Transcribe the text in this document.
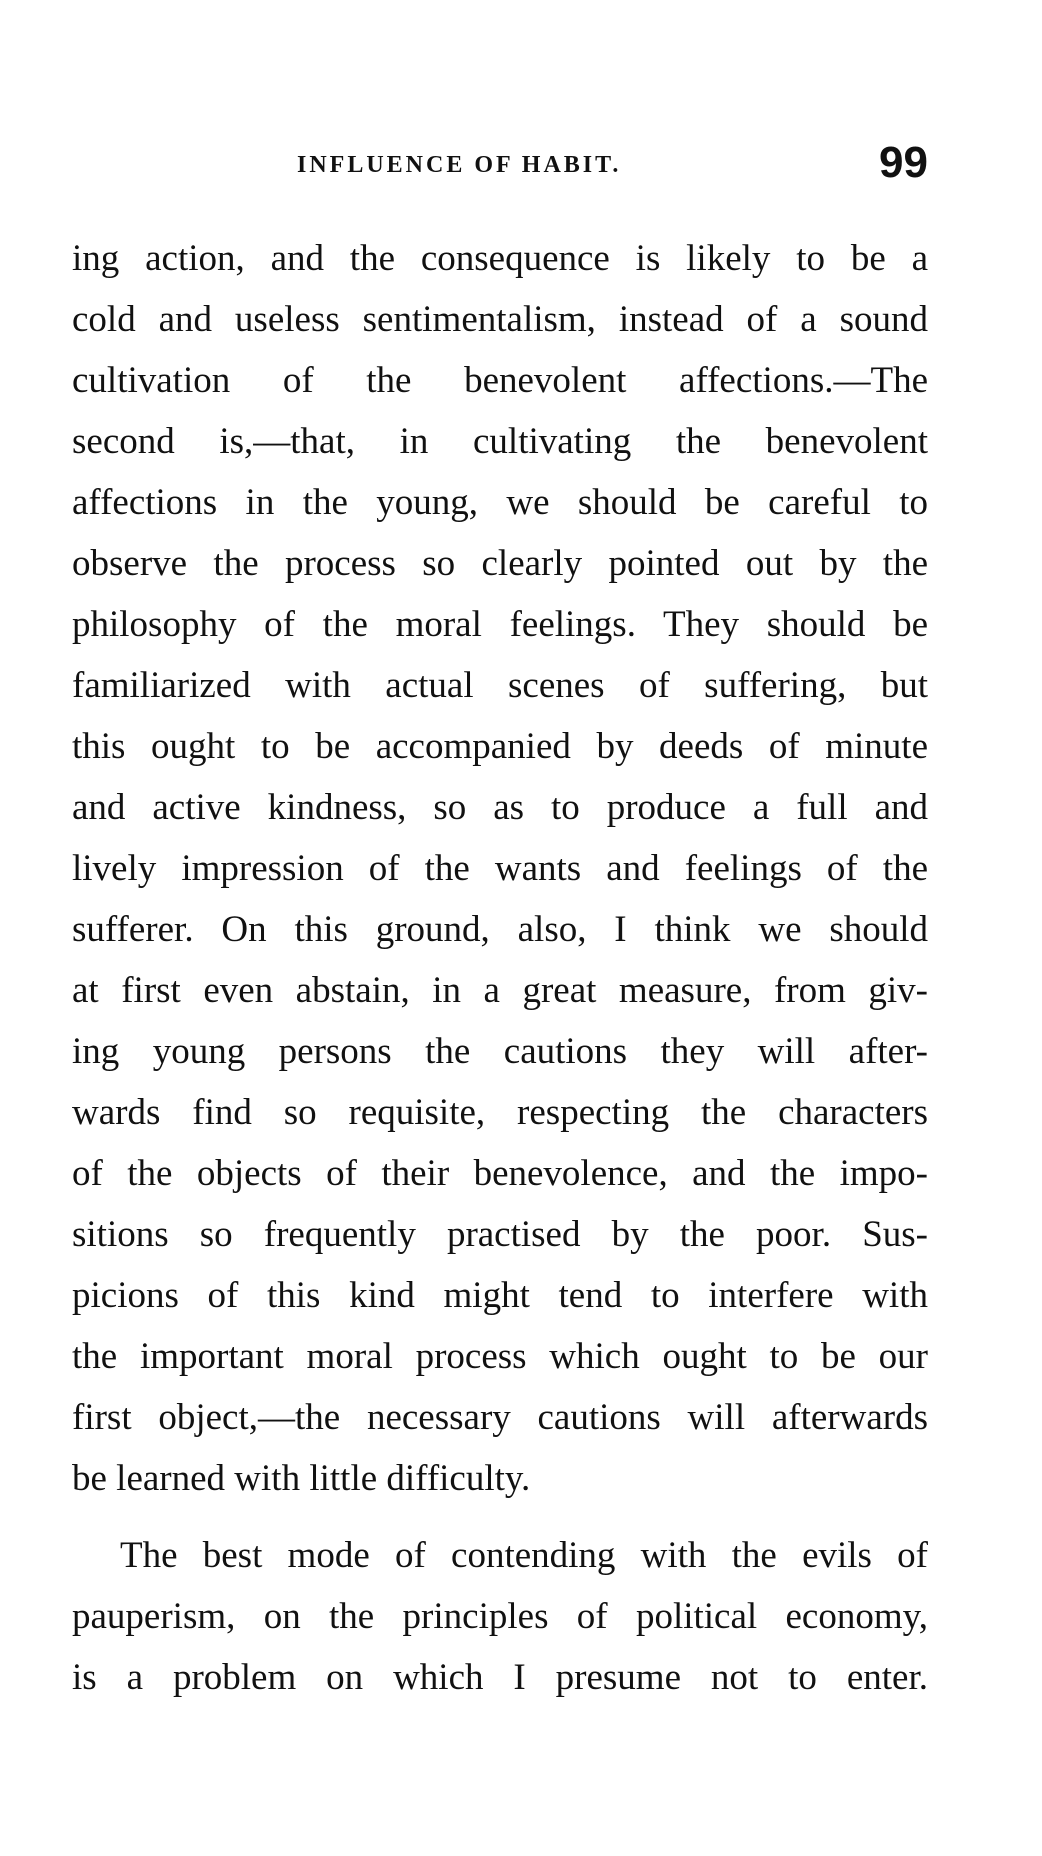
INFLUENCE OF HABIT.	99
ing action, and the consequence is likely to be a
cold and useless sentimentalism, instead of a sound
cultivation of the benevolent affections.—The
second is,—that, in cultivating the benevolent
affections in the young, we should be careful to
observe the process so clearly pointed out by the
philosophy of the moral feelings. They should be
familiarized with actual scenes of suffering, but
this ought to be accompanied by deeds of minute
and active kindness, so as to produce a full and
lively impression of the wants and feelings of the
sufferer. On this ground, also, I think we should
at first even abstain, in a great measure, from giv-
ing young persons the cautions they will after-
wards find so requisite, respecting the characters
of the objects of their benevolence, and the impo-
sitions so frequently practised by the poor. Sus-
picions of this kind might tend to interfere with
the important moral process which ought to be our
first object,—the necessary cautions will afterwards
be learned with little difficulty.
The best mode of contending with the evils of
pauperism, on the principles of political economy,
is a problem on which I presume not to enter.
